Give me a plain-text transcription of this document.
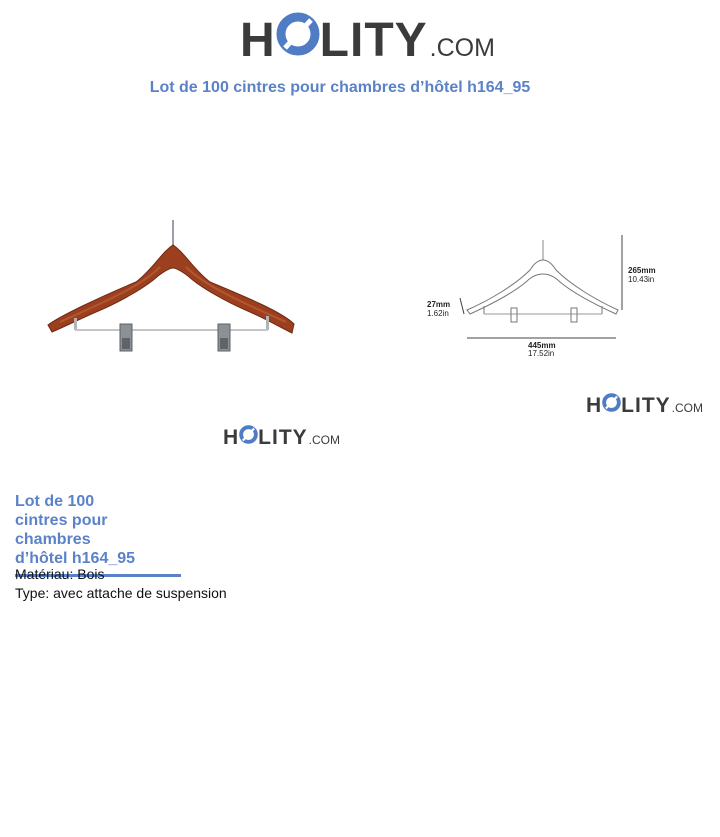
H LITY .COM
Lot de 100 cintres pour chambres d’hôtel h164_95
265mm
10.43in
27mm
1.62in
445mm
17.52in
H LITY .COM
H LITY .COM
Lot de 100
cintres pour chambres
d’hôtel h164_95
Matériau: Bois
Type: avec attache de suspension
